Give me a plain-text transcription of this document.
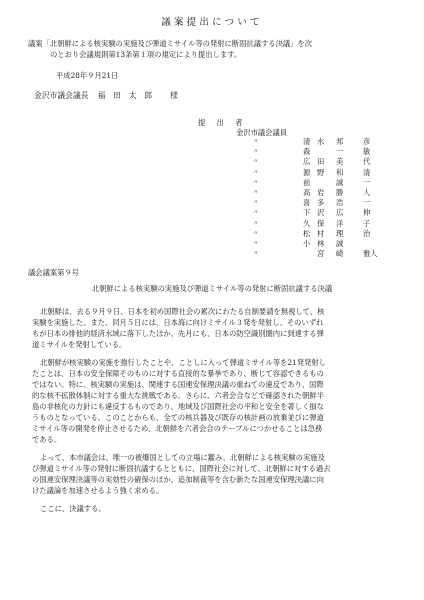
議案提出について
議案「北朝鮮による核実験の実施及び弾道ミサイル等の発射に断固抗議する決議」を次
のとおり会議規則第13条第１項の規定により提出します。
平成28年９月21日
金沢市議会議長 福　田　太　郎 様
提　出　者
金沢市議会議員
〃	清 水 邦	彦
〃	森	一	敏
〃	広 田 美	代
〃	源 野 和	清
〃	前	誠	一
〃	高 岩 勝	人
〃	喜 多 浩	一
〃	下 沢 広	伸
〃	久 保 洋	子
〃	松 村 理	治
〃	小 林 誠
〃	宮 崎	雅人
議会議案第９号
北朝鮮による核実験の実施及び弾道ミサイル等の発射に断固抗議する決議

北朝鮮は、去る９月９日、日本を初め国際社会の累次にわたる自制要請を無視して、核
実験を実施した。また、同月５日には、日本海に向けミサイル３発を発射し、そのいずれ
もが日本の排他的経済水域に落下したほか、先月にも、日本の防空識別圏内に到達する弾
道ミサイルを発射している。

北朝鮮が核実験の実施を強行したことや、ことしに入って弾道ミサイル等を21発発射し
たことは、日本の安全保障そのものに対する直接的な暴挙であり、断じて容認できるもの
ではない。特に、核実験の実施は、関連する国連安保理決議の重ねての違反であり、国際
的な核不拡散体制に対する重大な挑戦である。さらに、六者会合などで確認された朝鮮半
島の非核化の方針にも違反するものであり、地域及び国際社会の平和と安全を著しく損な
うものとなっている。このことからも、全ての核兵器及び既存の核計画の放棄並びに弾道
ミサイル等の開発を停止させるため、北朝鮮を六者会合のテーブルにつかせることは急務
である。

よって、本市議会は、唯一の被爆国としての立場に鑑み、北朝鮮による核実験の実施及
び弾道ミサイル等の発射に断固抗議するとともに、国際社会に対して、北朝鮮に対する過去
の国連安保理決議等の実効性の確保のほか、追加制裁等を含む新たな国連安保理決議に向
けた議論を加速させるよう強く求める。

ここに、決議する。
